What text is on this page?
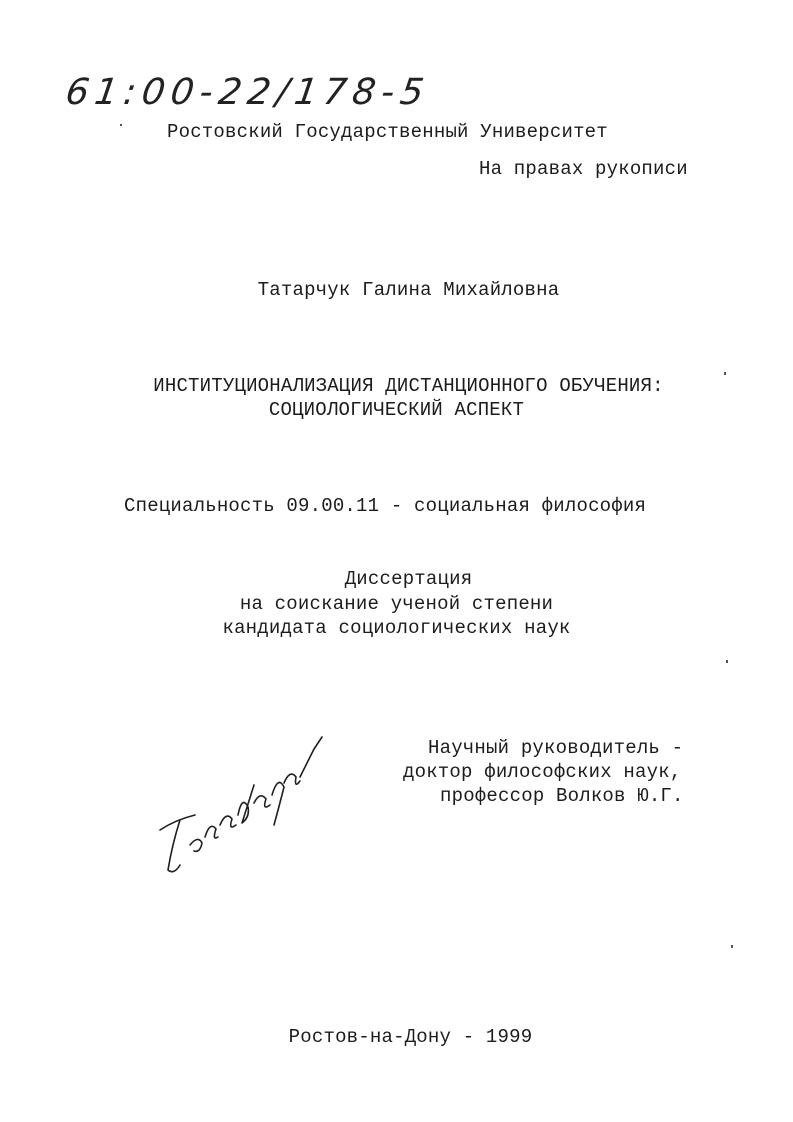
61:00-22/178-5
Ростовский Государственный Университет
На правах рукописи
Татарчук Галина Михайловна
ИНСТИТУЦИОНАЛИЗАЦИЯ ДИСТАНЦИОННОГО ОБУЧЕНИЯ:
СОЦИОЛОГИЧЕСКИЙ АСПЕКТ
Специальность 09.00.11 - социальная философия
Диссертация
на соискание ученой степени
кандидата социологических наук
Научный руководитель -
доктор философских наук,
профессор Волков Ю.Г.
Ростов-на-Дону - 1999
